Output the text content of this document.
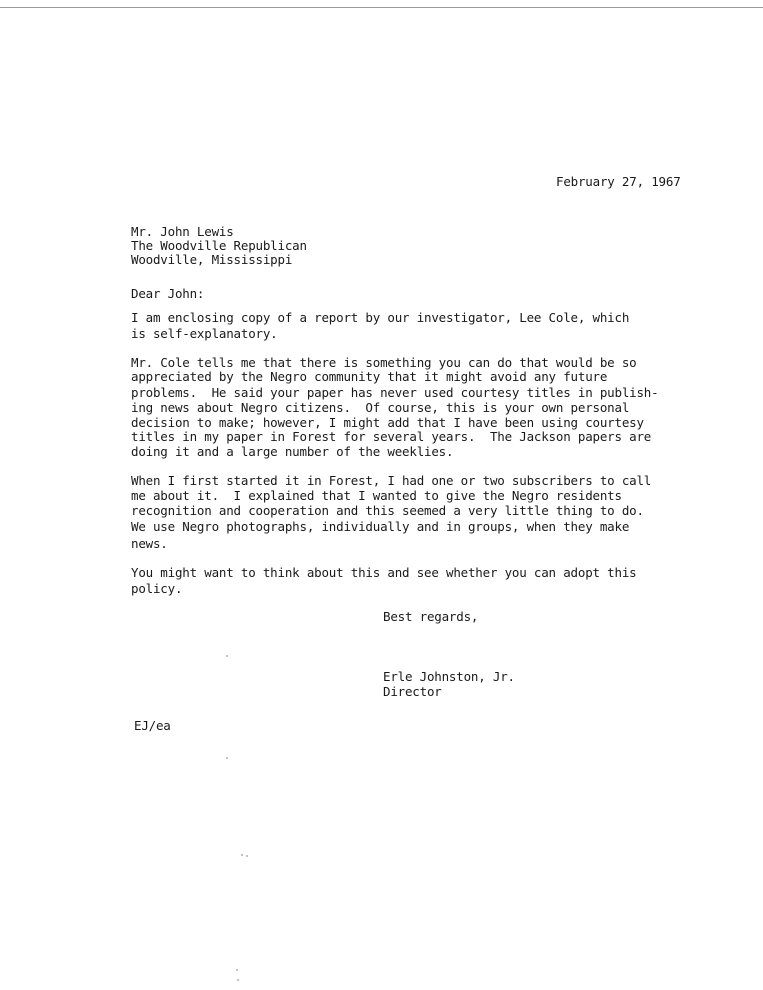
February 27, 1967
Mr. John Lewis
The Woodville Republican
Woodville, Mississippi
Dear John:
I am enclosing copy of a report by our investigator, Lee Cole, which
is self-explanatory.
Mr. Cole tells me that there is something you can do that would be so
appreciated by the Negro community that it might avoid any future
problems.  He said your paper has never used courtesy titles in publish-
ing news about Negro citizens.  Of course, this is your own personal
decision to make; however, I might add that I have been using courtesy
titles in my paper in Forest for several years.  The Jackson papers are
doing it and a large number of the weeklies.
When I first started it in Forest, I had one or two subscribers to call
me about it.  I explained that I wanted to give the Negro residents
recognition and cooperation and this seemed a very little thing to do.
We use Negro photographs, individually and in groups, when they make
news.
You might want to think about this and see whether you can adopt this
policy.
Best regards,
Erle Johnston, Jr.
Director
EJ/ea
